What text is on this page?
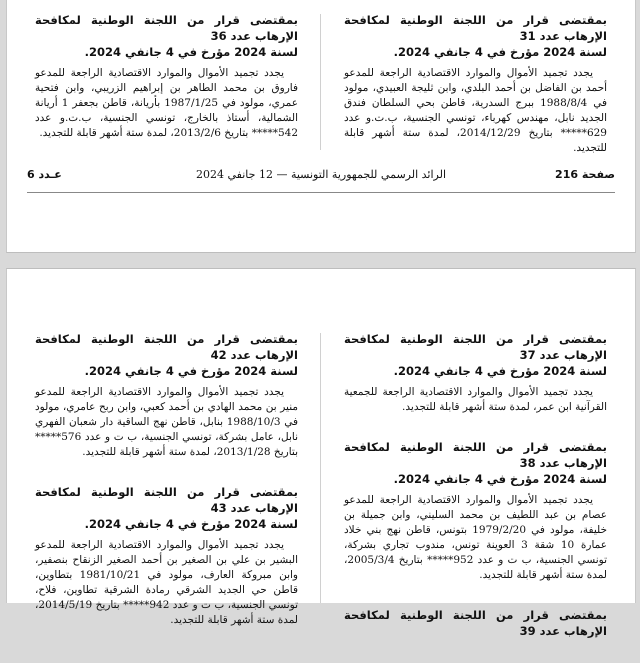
بمقتضى قرار من اللجنة الوطنية لمكافحة الإرهاب عدد 31
لسنة 2024 مؤرخ في 4 جانفي 2024.
يجدد تجميد الأموال والموارد الاقتصادية الراجعة للمدعو أحمد بن الفاضل بن أحمد البلدي، وابن ثليجة العبيدي، مولود في 1988/8/4 ببرج السدرية، قاطن بحي السلطان فندق الجديد نابل، مهندس كهرباء، تونسي الجنسية، ب.ت.و عدد 629***** بتاريخ 2014/12/29، لمدة ستة أشهر قابلة للتجديد.
بمقتضى قرار من اللجنة الوطنية لمكافحة الإرهاب عدد 36
لسنة 2024 مؤرخ في 4 جانفي 2024.
يجدد تجميد الأموال والموارد الاقتصادية الراجعة للمدعو فاروق بن محمد الطاهر بن إبراهيم الزريبي، وابن فتحية عمري، مولود في 1987/1/25 بأريانة، قاطن بجعفر 1 أريانة الشمالية، أستاذ بالخارج، تونسي الجنسية، ب.ت.و عدد 542***** بتاريخ 2013/2/6، لمدة ستة أشهر قابلة للتجديد.
صفحة 216
الرائد الرسمي للجمهورية التونسية — 12 جانفي 2024
عـدد 6
بمقتضى قرار من اللجنة الوطنية لمكافحة الإرهاب عدد 37
لسنة 2024 مؤرخ في 4 جانفي 2024.
يجدد تجميد الأموال والموارد الاقتصادية الراجعة للجمعية القرآنية ابن عمر، لمدة ستة أشهر قابلة للتجديد.
بمقتضى قرار من اللجنة الوطنية لمكافحة الإرهاب عدد 38
لسنة 2024 مؤرخ في 4 جانفي 2024.
يجدد تجميد الأموال والموارد الاقتصادية الراجعة للمدعو عصام بن عبد اللطيف بن محمد السليني، وابن جميلة بن خليفة، مولود في 1979/2/20 بتونس، قاطن نهج بني خلاد عمارة 10 شقة 3 العوينة تونس، مندوب تجاري بشركة، تونسي الجنسية، ب ت و عدد 952***** بتاريخ 2005/3/4، لمدة ستة أشهر قابلة للتجديد.
بمقتضى قرار من اللجنة الوطنية لمكافحة الإرهاب عدد 39
بمقتضى قرار من اللجنة الوطنية لمكافحة الإرهاب عدد 42
لسنة 2024 مؤرخ في 4 جانفي 2024.
يجدد تجميد الأموال والموارد الاقتصادية الراجعة للمدعو منير بن محمد الهادي بن أحمد كعبي، وابن ربح عامري، مولود في 1988/10/3 بنابل، قاطن نهج الساقية دار شعبان الفهري نابل، عامل بشركة، تونسي الجنسية، ب ت و عدد 576***** بتاريخ 2013/1/28، لمدة ستة أشهر قابلة للتجديد.
بمقتضى قرار من اللجنة الوطنية لمكافحة الإرهاب عدد 43
لسنة 2024 مؤرخ في 4 جانفي 2024.
يجدد تجميد الأموال والموارد الاقتصادية الراجعة للمدعو البشير بن علي بن الصغير بن أحمد الصغير الزنقاح بنصفير، وابن مبروكة العارف، مولود في 1981/10/21 بتطاوين، قاطن حي الجديد الشرقي رمادة الشرقية تطاوين، فلاح، تونسي الجنسية، ب ت و عدد 942***** بتاريخ 2014/5/19، لمدة ستة أشهر قابلة للتجديد.
